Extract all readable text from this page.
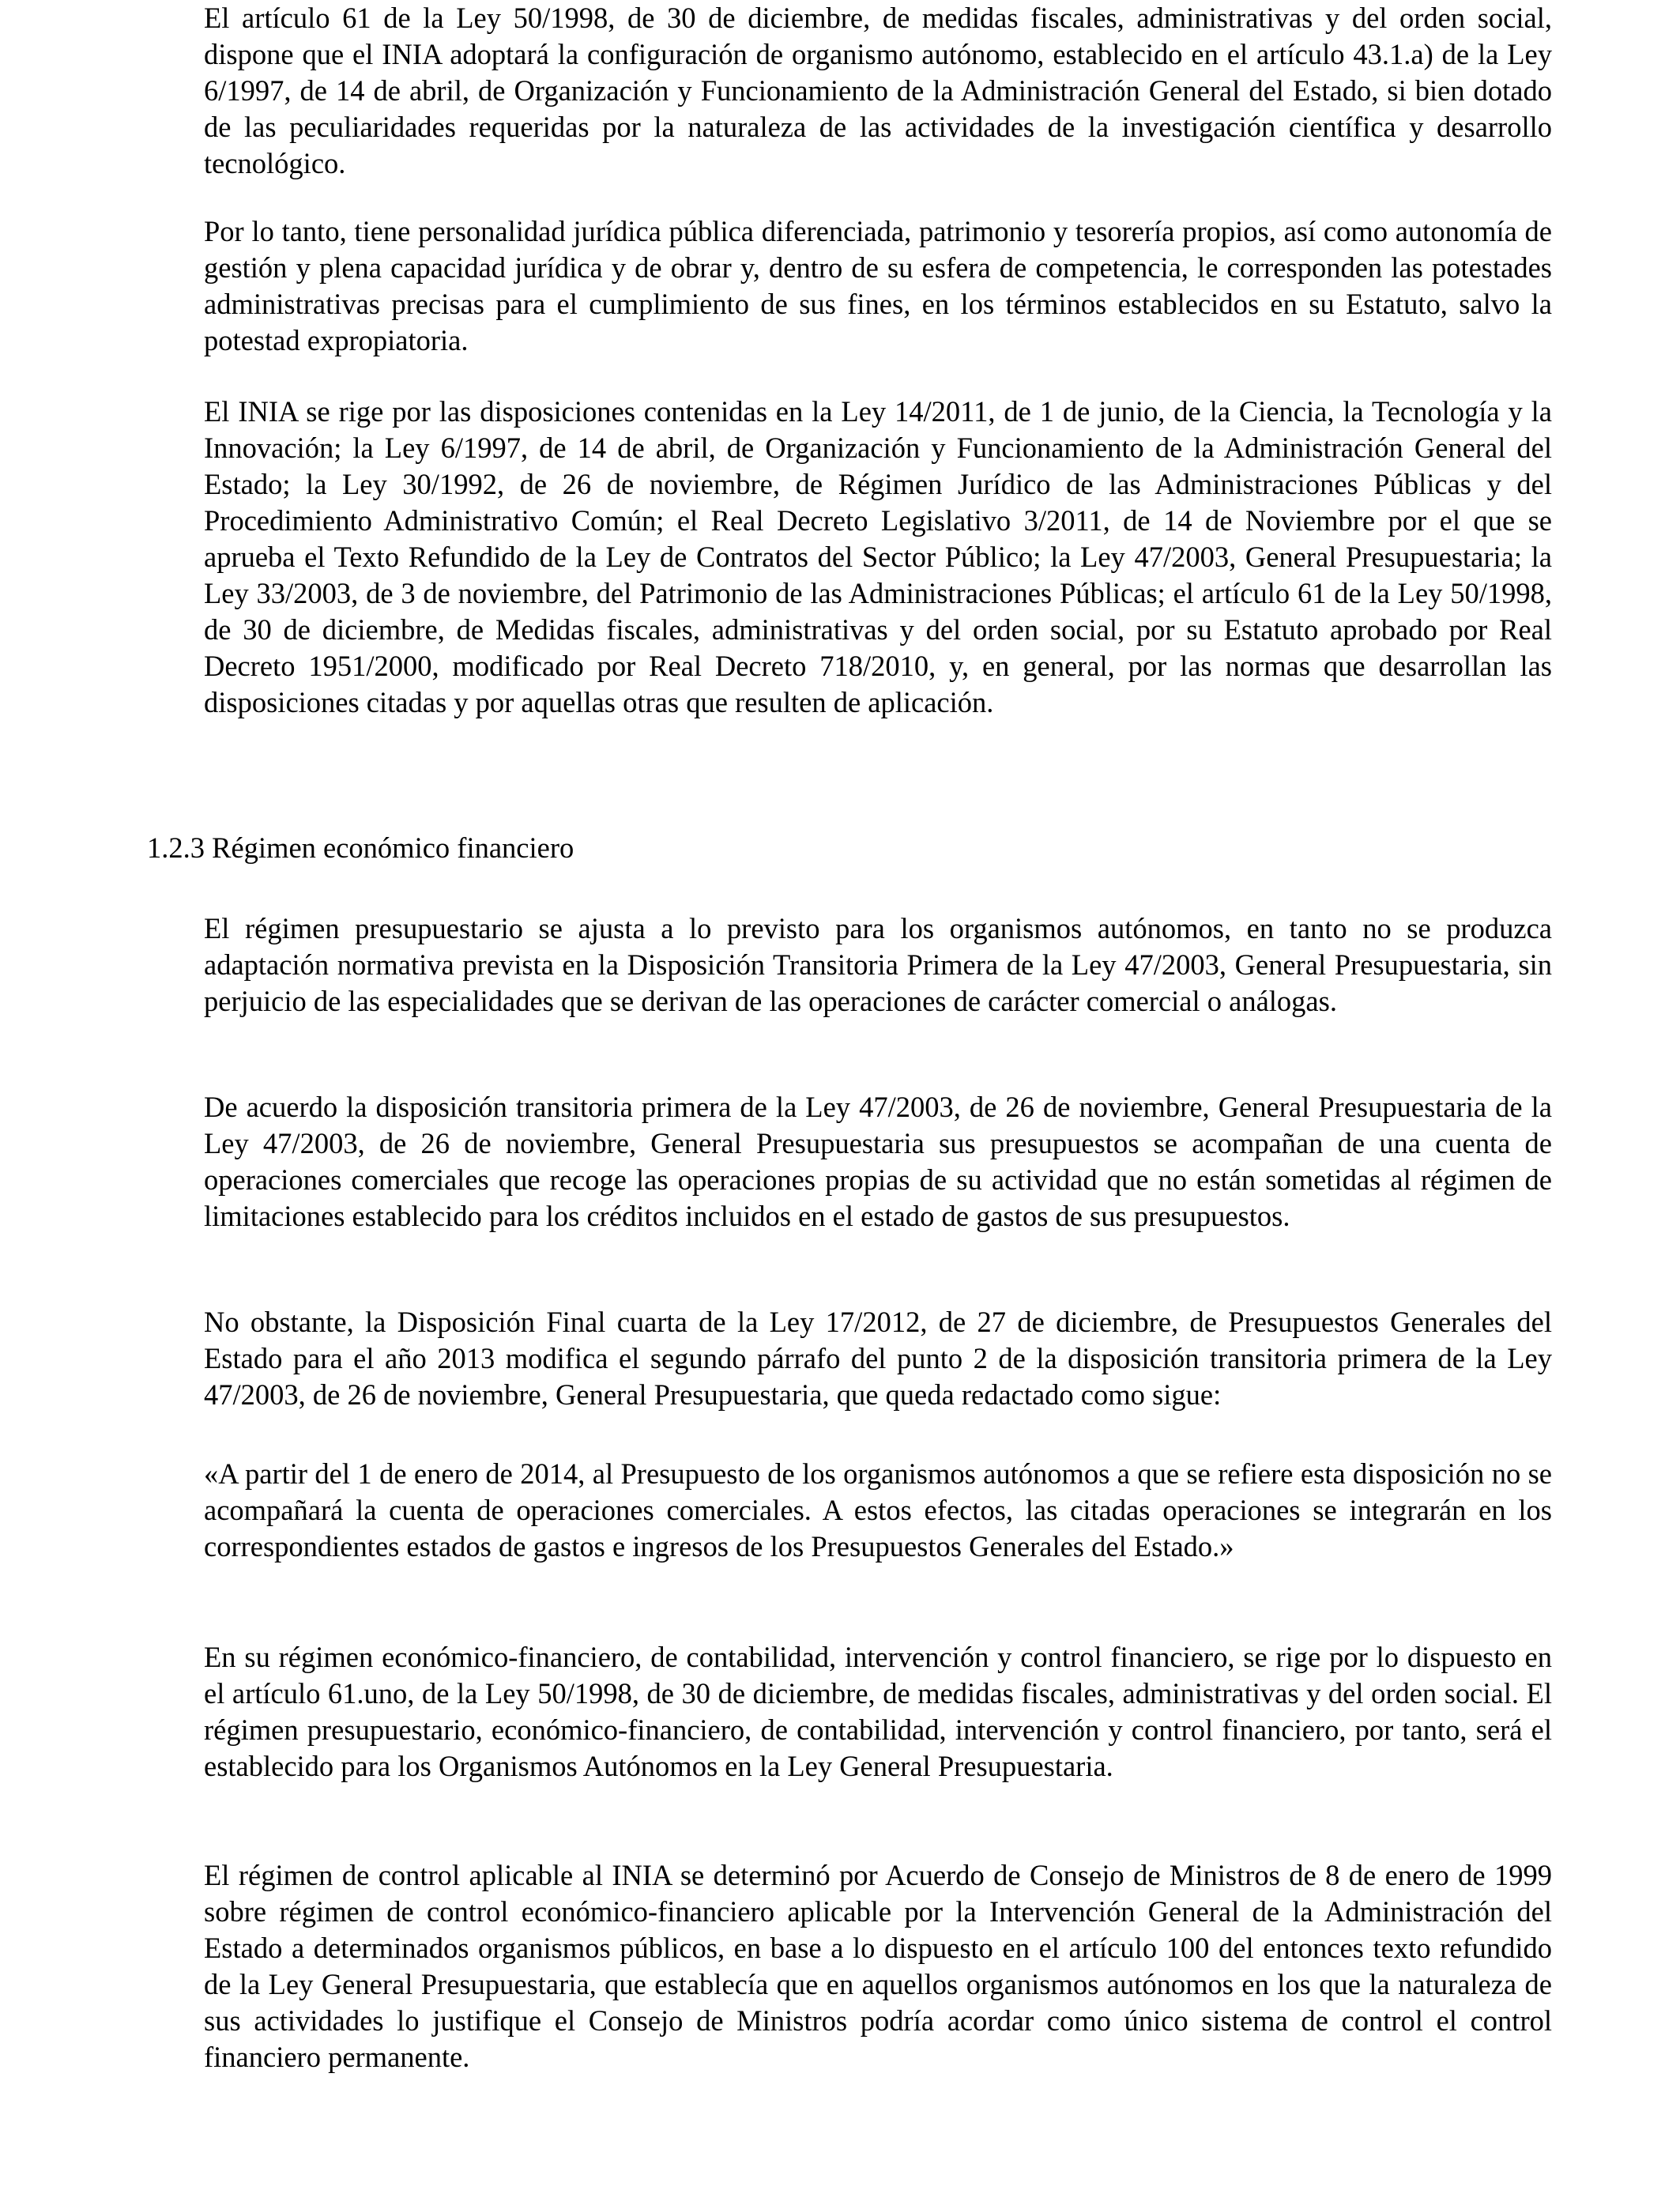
El artículo 61 de la Ley 50/1998, de 30 de diciembre, de medidas fiscales, administrativas y del orden social, dispone que el INIA adoptará la configuración de organismo autónomo, establecido en el artículo 43.1.a) de la Ley 6/1997, de 14 de abril, de Organización y Funcionamiento de la Administración General del Estado, si bien dotado de las peculiaridades requeridas por la naturaleza de las actividades de la investigación científica y desarrollo tecnológico.

Por lo tanto, tiene personalidad jurídica pública diferenciada, patrimonio y tesorería propios, así como autonomía de gestión y plena capacidad jurídica y de obrar y, dentro de su esfera de competencia, le corresponden las potestades administrativas precisas para el cumplimiento de sus fines, en los términos establecidos en su Estatuto, salvo la potestad expropiatoria.

El INIA se rige por las disposiciones contenidas en la Ley 14/2011, de 1 de junio, de la Ciencia, la Tecnología y la Innovación; la Ley 6/1997, de 14 de abril, de Organización y Funcionamiento de la Administración General del Estado; la Ley 30/1992, de 26 de noviembre, de Régimen Jurídico de las Administraciones Públicas y del Procedimiento Administrativo Común; el Real Decreto Legislativo 3/2011, de 14 de Noviembre por el que se aprueba el Texto Refundido de la Ley de Contratos del Sector Público; la Ley 47/2003, General Presupuestaria; la Ley 33/2003, de 3 de noviembre, del Patrimonio de las Administraciones Públicas; el artículo 61 de la Ley 50/1998, de 30 de diciembre, de Medidas fiscales, administrativas y del orden social, por su Estatuto aprobado por Real Decreto 1951/2000, modificado por Real Decreto 718/2010, y, en general, por las normas que desarrollan las disposiciones citadas y por aquellas otras que resulten de aplicación.

1.2.3 Régimen económico financiero

El régimen presupuestario se ajusta a lo previsto para los organismos autónomos, en tanto no se produzca adaptación normativa prevista en la Disposición Transitoria Primera de la Ley 47/2003, General Presupuestaria, sin perjuicio de las especialidades que se derivan de las operaciones de carácter comercial o análogas.

De acuerdo la disposición transitoria primera de la Ley 47/2003, de 26 de noviembre, General Presupuestaria de la Ley 47/2003, de 26 de noviembre, General Presupuestaria sus presupuestos se acompañan de una cuenta de operaciones comerciales que recoge las operaciones propias de su actividad que no están sometidas al régimen de limitaciones establecido para los créditos incluidos en el estado de gastos de sus presupuestos.

No obstante, la Disposición Final cuarta de la Ley 17/2012, de 27 de diciembre, de Presupuestos Generales del Estado para el año 2013 modifica el segundo párrafo del punto 2 de la disposición transitoria primera de la Ley 47/2003, de 26 de noviembre, General Presupuestaria, que queda redactado como sigue:

«A partir del 1 de enero de 2014, al Presupuesto de los organismos autónomos a que se refiere esta disposición no se acompañará la cuenta de operaciones comerciales. A estos efectos, las citadas operaciones se integrarán en los correspondientes estados de gastos e ingresos de los Presupuestos Generales del Estado.»

En su régimen económico-financiero, de contabilidad, intervención y control financiero, se rige por lo dispuesto en el artículo 61.uno, de la Ley 50/1998, de 30 de diciembre, de medidas fiscales, administrativas y del orden social. El régimen presupuestario, económico-financiero, de contabilidad, intervención y control financiero, por tanto, será el establecido para los Organismos Autónomos en la Ley General Presupuestaria.

El régimen de control aplicable al INIA se determinó por Acuerdo de Consejo de Ministros de 8 de enero de 1999 sobre régimen de control económico-financiero aplicable por la Intervención General de la Administración del Estado a determinados organismos públicos, en base a lo dispuesto en el artículo 100 del entonces texto refundido de la Ley General Presupuestaria, que establecía que en aquellos organismos autónomos en los que la naturaleza de sus actividades lo justifique el Consejo de Ministros podría acordar como único sistema de control el control financiero permanente.
